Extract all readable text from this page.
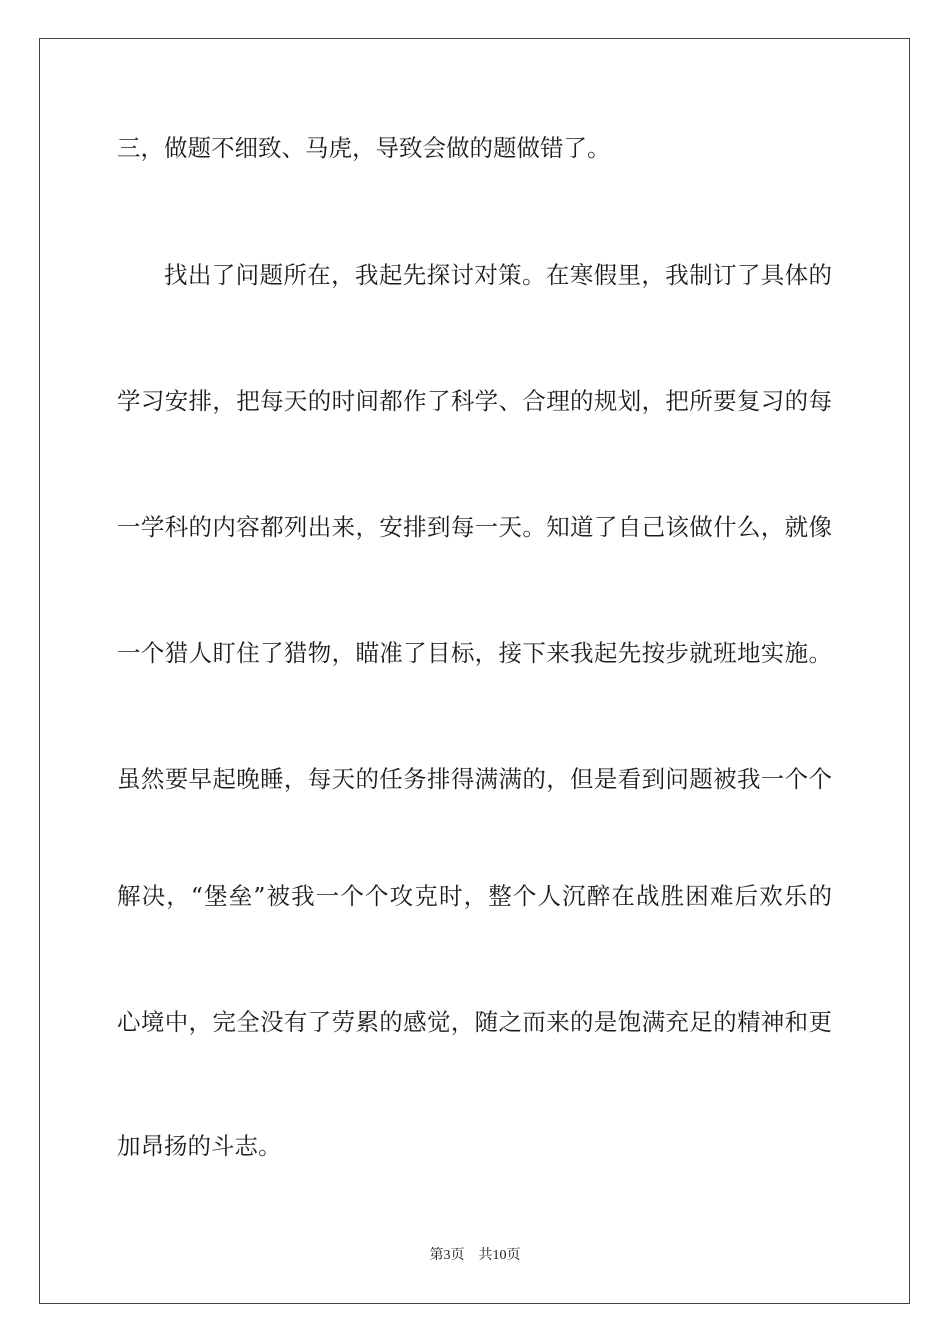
三，做题不细致、马虎，导致会做的题做错了。
找出了问题所在，我起先探讨对策。在寒假里，我制订了具体的
学习安排，把每天的时间都作了科学、合理的规划，把所要复习的每
一学科的内容都列出来，安排到每一天。知道了自己该做什么，就像
一个猎人盯住了猎物，瞄准了目标，接下来我起先按步就班地实施。
虽然要早起晚睡，每天的任务排得满满的，但是看到问题被我一个个
解决，“堡垒”被我一个个攻克时，整个人沉醉在战胜困难后欢乐的
心境中，完全没有了劳累的感觉，随之而来的是饱满充足的精神和更
加昂扬的斗志。
第3页 共10页
